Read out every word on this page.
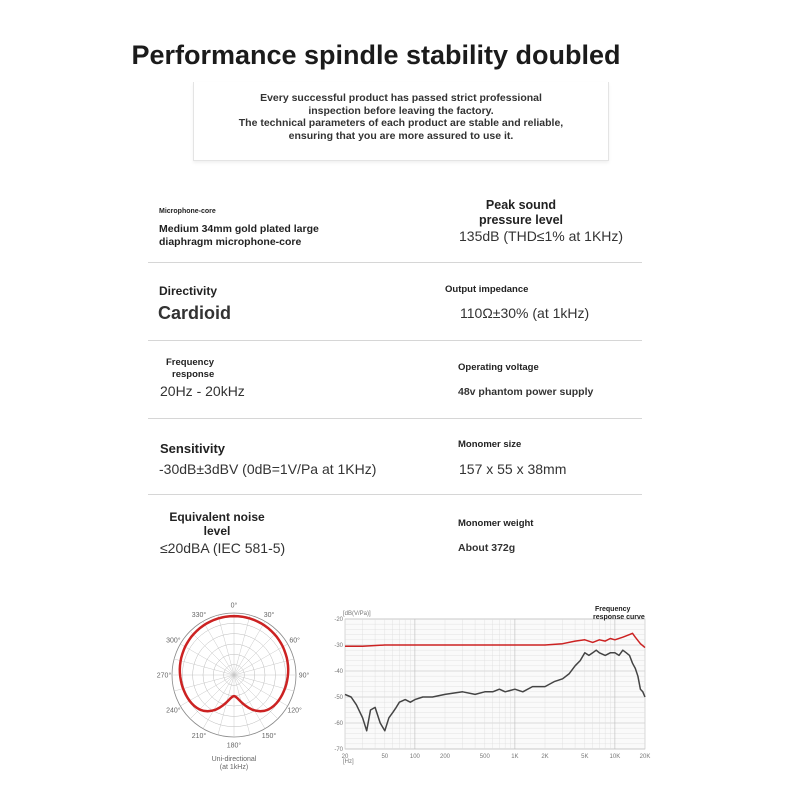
Performance spindle stability doubled

Every successful product has passed strict professional
inspection before leaving the factory.
The technical parameters of each product are stable and reliable,
ensuring that you are more assured to use it.

Microphone-core
Medium 34mm gold plated large
diaphragm microphone-core
Peak sound
pressure level
135dB (THD≤1% at 1KHz)
Directivity
Cardioid
Output impedance
110Ω±30% (at 1kHz)
Frequency
response
20Hz - 20kHz
Operating voltage
48v phantom power supply
Sensitivity
-30dB±3dBV (0dB=1V/Pa at 1KHz)
Monomer size
157 x 55 x 38mm
Equivalent noise
level
≤20dBA (IEC 581-5)
Monomer weight
About 372g
0°
30°
60°
90°
120°
150°
180°
210°
240°
270°
300°
330°
Uni-directional
(at 1kHz)
-20
-30
-40
-50
-60
-70
20	50	100	200	500	1K	2K	5K	10K	20K
[dB(V/Pa)]
[Hz]
Frequency
response curve
